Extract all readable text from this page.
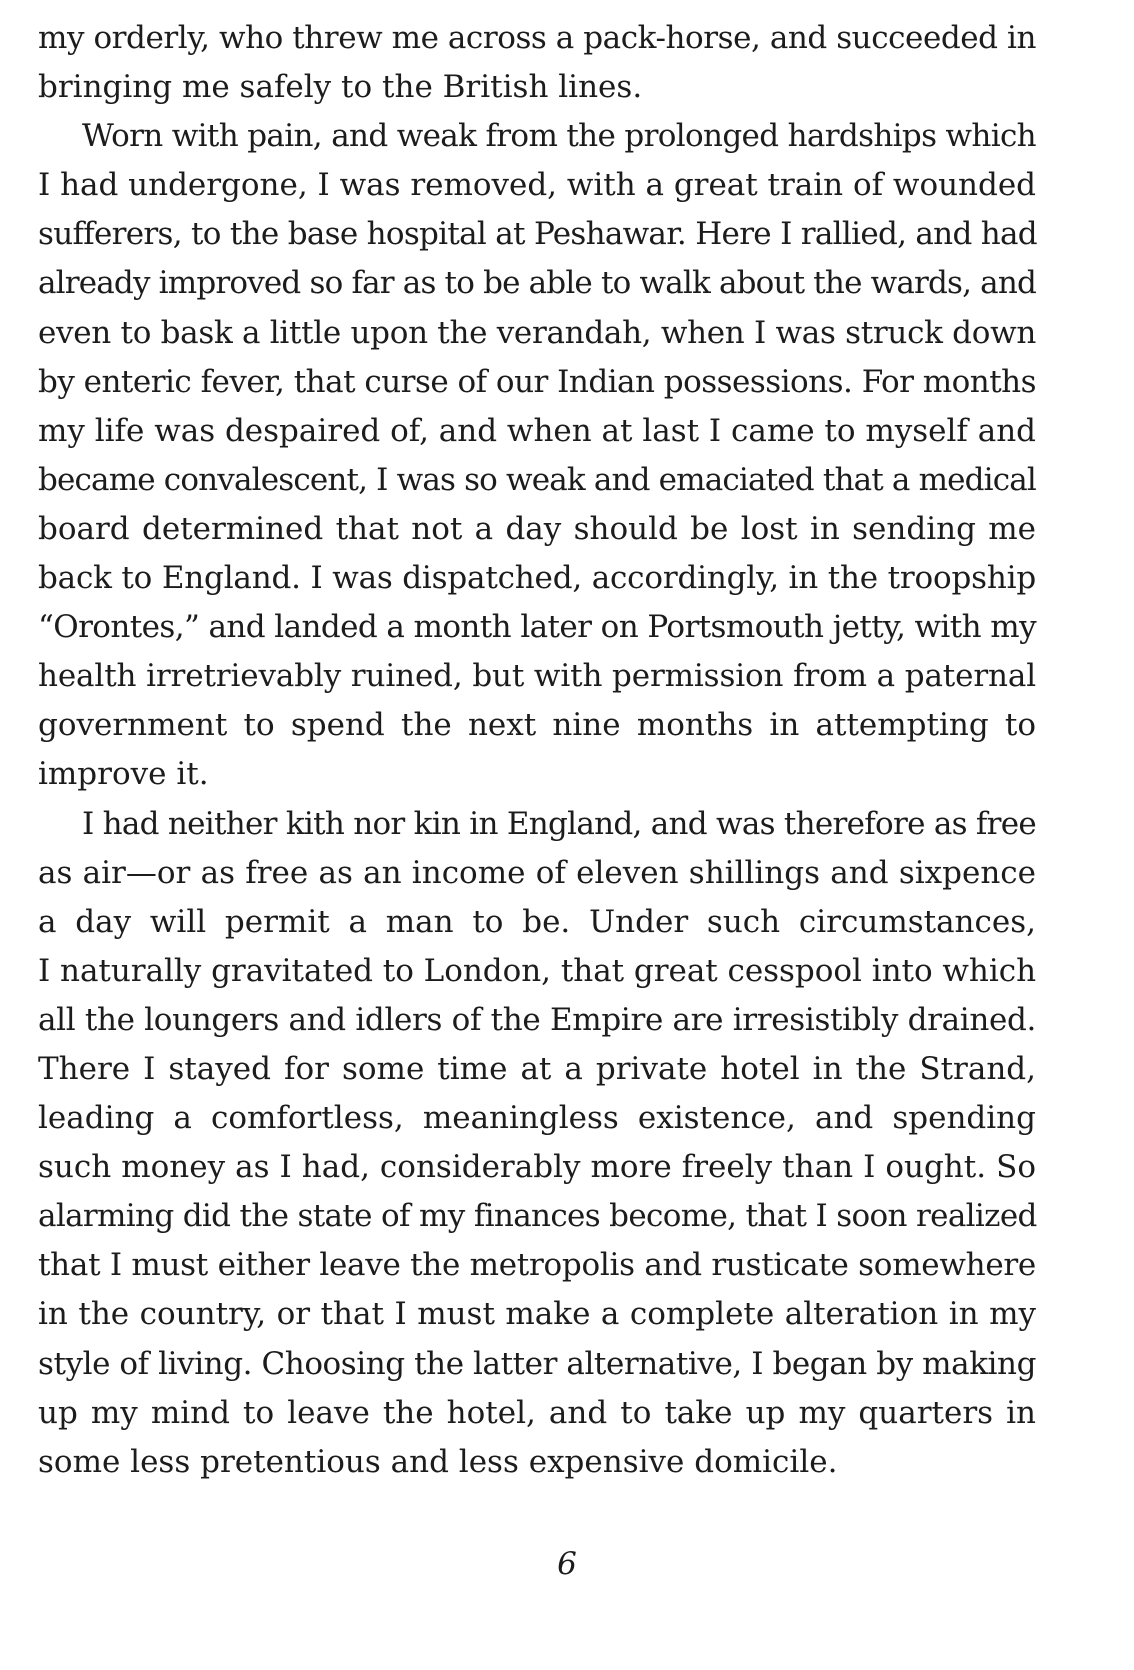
my orderly, who threw me across a pack-horse, and succeeded in
bringing me safely to the British lines.
Worn with pain, and weak from the prolonged hardships which
I had undergone, I was removed, with a great train of wounded
sufferers, to the base hospital at Peshawar. Here I rallied, and had
already improved so far as to be able to walk about the wards, and
even to bask a little upon the verandah, when I was struck down
by enteric fever, that curse of our Indian possessions. For months
my life was despaired of, and when at last I came to myself and
became convalescent, I was so weak and emaciated that a medical
board determined that not a day should be lost in sending me
back to England. I was dispatched, accordingly, in the troopship
“Orontes,” and landed a month later on Portsmouth jetty, with my
health irretrievably ruined, but with permission from a paternal
government to spend the next nine months in attempting to
improve it.
I had neither kith nor kin in England, and was therefore as free
as air—or as free as an income of eleven shillings and sixpence
a day will permit a man to be. Under such circumstances,
I naturally gravitated to London, that great cesspool into which
all the loungers and idlers of the Empire are irresistibly drained.
There I stayed for some time at a private hotel in the Strand,
leading a comfortless, meaningless existence, and spending
such money as I had, considerably more freely than I ought. So
alarming did the state of my finances become, that I soon realized
that I must either leave the metropolis and rusticate somewhere
in the country, or that I must make a complete alteration in my
style of living. Choosing the latter alternative, I began by making
up my mind to leave the hotel, and to take up my quarters in
some less pretentious and less expensive domicile.
6
